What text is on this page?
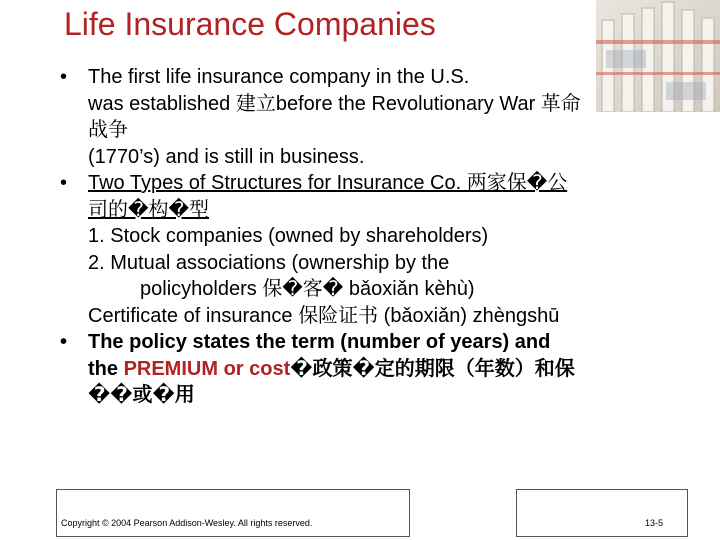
Life Insurance Companies
• The first life insurance company in the U.S.
was established 建立before the Revolutionary War 革命
战争
(1770’s) and is still in business.
• Two Types of Structures for Insurance Co. 两家保�公
司的�构�型
1. Stock companies (owned by shareholders)
2. Mutual associations (ownership by the
policyholders 保�客� bǎoxiǎn kèhù)
Certificate of insurance 保险证书 (bǎoxiǎn) zhèngshū
• The policy states the term (number of years) and
the PREMIUM or cost�政策�定的期限（年数）和保
��或�用
Copyright © 2004 Pearson Addison-Wesley. All rights reserved.	13-5
